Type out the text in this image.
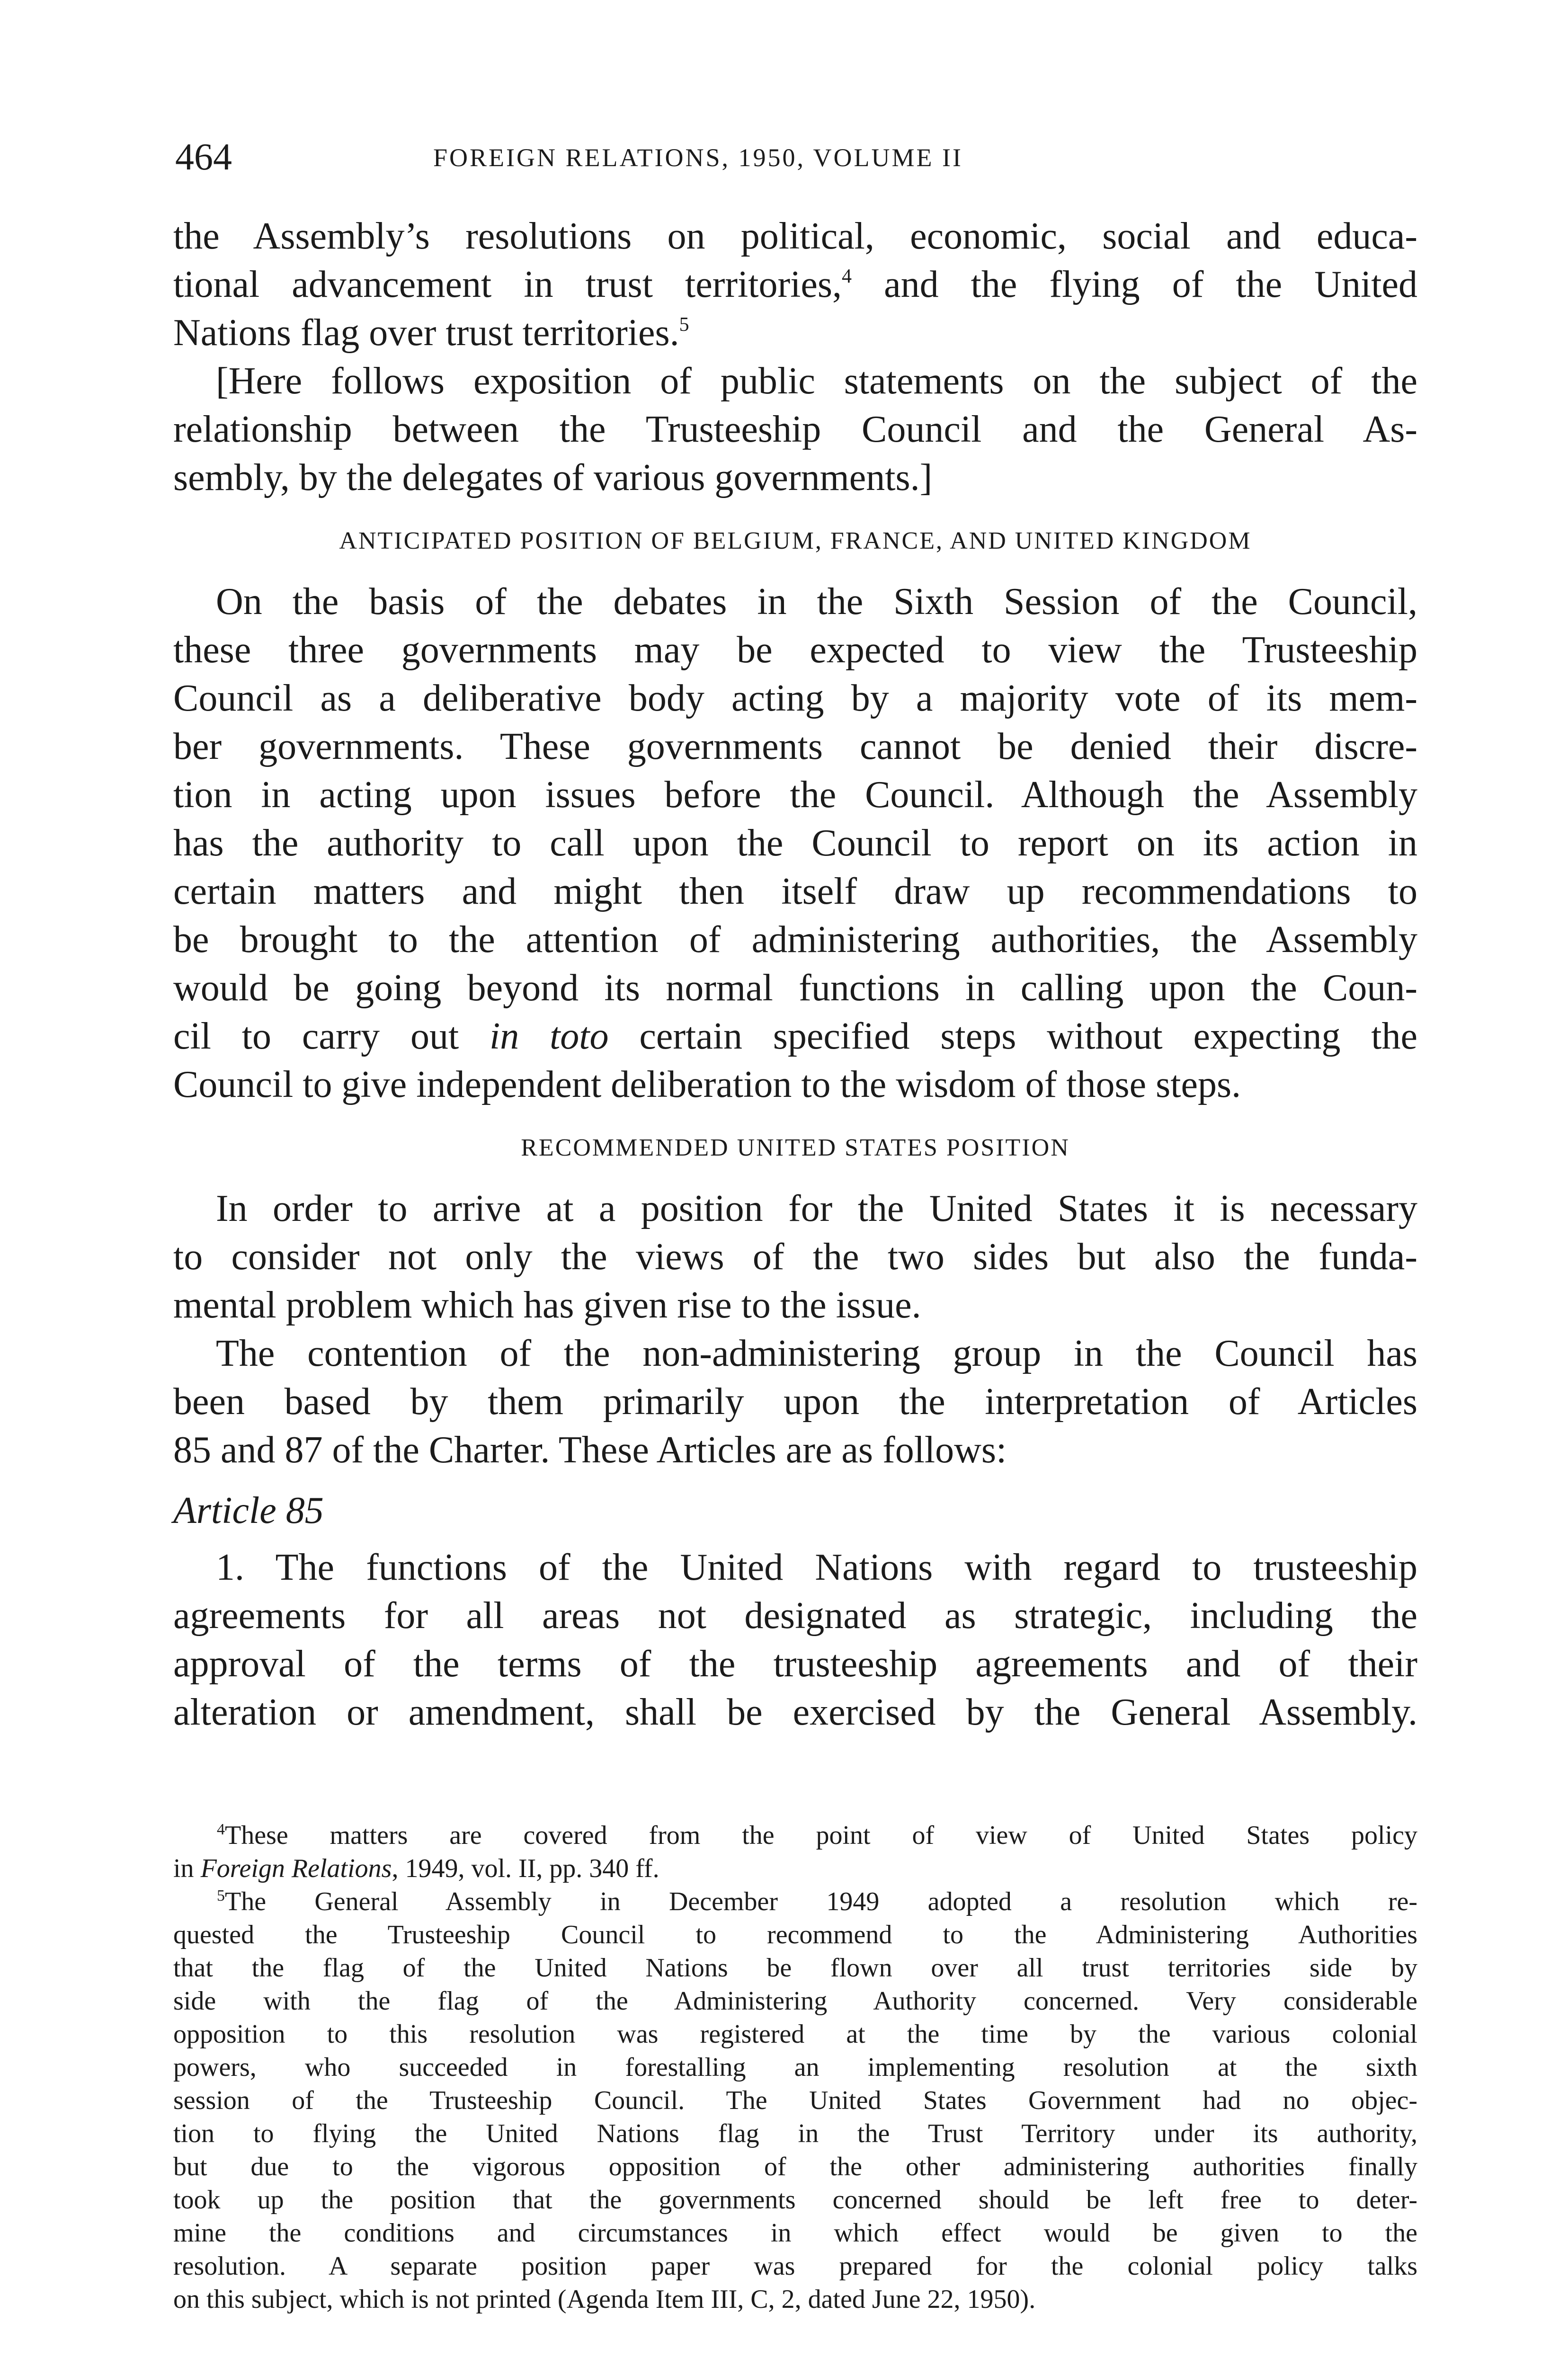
464	FOREIGN RELATIONS, 1950, VOLUME II
the Assembly’s resolutions on political, economic, social and educa-
tional advancement in trust territories,$^4$ and the flying of the United
Nations flag over trust territories.$^5$
[Here follows exposition of public statements on the subject of the
relationship between the Trusteeship Council and the General As-
sembly, by the delegates of various governments.]
ANTICIPATED POSITION OF BELGIUM, FRANCE, AND UNITED KINGDOM
On the basis of the debates in the Sixth Session of the Council,
these three governments may be expected to view the Trusteeship
Council as a deliberative body acting by a majority vote of its mem-
ber governments. These governments cannot be denied their discre-
tion in acting upon issues before the Council. Although the Assembly
has the authority to call upon the Council to report on its action in
certain matters and might then itself draw up recommendations to
be brought to the attention of administering authorities, the Assembly
would be going beyond its normal functions in calling upon the Coun-
cil to carry out in toto certain specified steps without expecting the
Council to give independent deliberation to the wisdom of those steps.
RECOMMENDED UNITED STATES POSITION
In order to arrive at a position for the United States it is necessary
to consider not only the views of the two sides but also the funda-
mental problem which has given rise to the issue.
The contention of the non-administering group in the Council has
been based by them primarily upon the interpretation of Articles
85 and 87 of the Charter. These Articles are as follows:
Article 85
1. The functions of the United Nations with regard to trusteeship
agreements for all areas not designated as strategic, including the
approval of the terms of the trusteeship agreements and of their
alteration or amendment, shall be exercised by the General Assembly.
$^4$These matters are covered from the point of view of United States policy
in Foreign Relations, 1949, vol. II, pp. 340 ff.
$^5$The General Assembly in December 1949 adopted a resolution which re-
quested the Trusteeship Council to recommend to the Administering Authorities
that the flag of the United Nations be flown over all trust territories side by
side with the flag of the Administering Authority concerned. Very considerable
opposition to this resolution was registered at the time by the various colonial
powers, who succeeded in forestalling an implementing resolution at the sixth
session of the Trusteeship Council. The United States Government had no objec-
tion to flying the United Nations flag in the Trust Territory under its authority,
but due to the vigorous opposition of the other administering authorities finally
took up the position that the governments concerned should be left free to deter-
mine the conditions and circumstances in which effect would be given to the
resolution. A separate position paper was prepared for the colonial policy talks
on this subject, which is not printed (Agenda Item III, C, 2, dated June 22, 1950).
